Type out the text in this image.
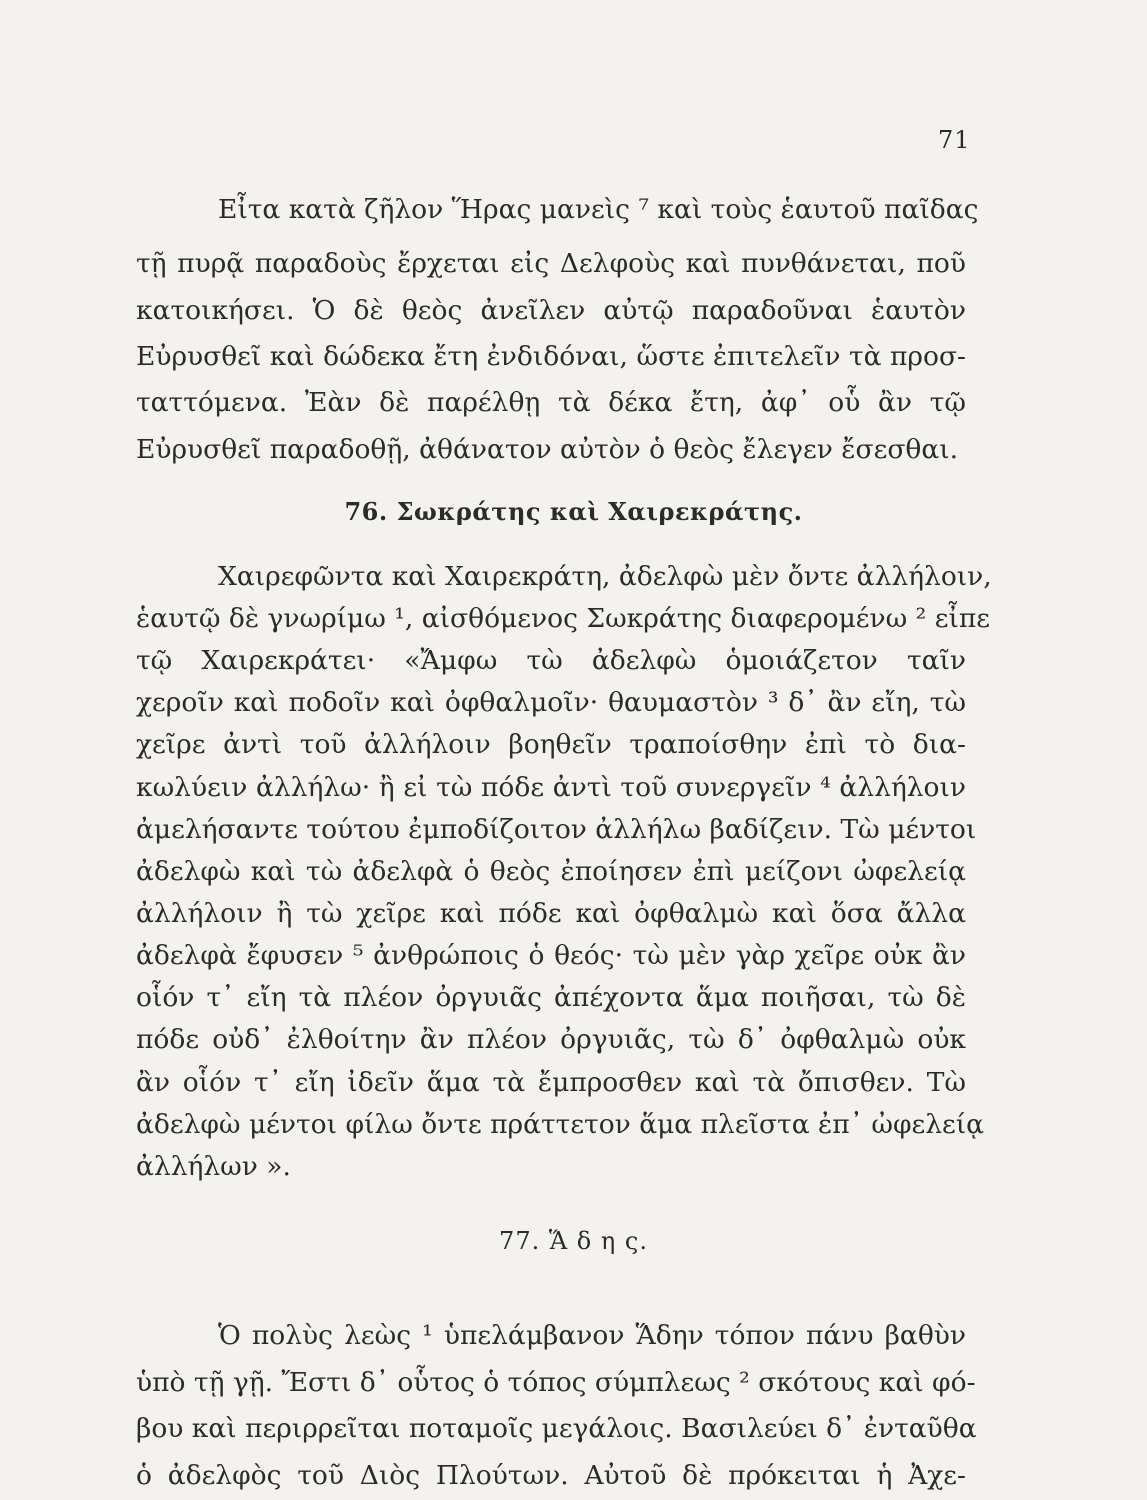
71
Εἶτα κατὰ ζῆλον Ἥρας μανεὶς ⁷ καὶ τοὺς ἑαυτοῦ παῖδας
τῇ πυρᾷ παραδοὺς ἔρχεται εἰς Δελφοὺς καὶ πυνθάνεται, ποῦ
κατοικήσει. Ὁ δὲ θεὸς ἀνεῖλεν αὐτῷ παραδοῦναι ἑαυτὸν
Εὐρυσθεῖ καὶ δώδεκα ἔτη ἐνδιδόναι, ὥστε ἐπιτελεῖν τὰ προσ-
ταττόμενα. Ἐὰν δὲ παρέλθῃ τὰ δέκα ἔτη, ἀφ᾿ οὗ ἂν τῷ
Εὐρυσθεῖ παραδοθῇ, ἀθάνατον αὐτὸν ὁ θεὸς ἔλεγεν ἔσεσθαι.
76. Σωκράτης καὶ Χαιρεκράτης.
Χαιρεφῶντα καὶ Χαιρεκράτη, ἀδελφὼ μὲν ὄντε ἀλλήλοιν,
ἑαυτῷ δὲ γνωρίμω ¹, αἰσθόμενος Σωκράτης διαφερομένω ² εἶπε
τῷ Χαιρεκράτει· «Ἄμφω τὼ ἀδελφὼ ὁμοιάζετον ταῖν
χεροῖν καὶ ποδοῖν καὶ ὀφθαλμοῖν· θαυμαστὸν ³ δ᾿ ἂν εἴη, τὼ
χεῖρε ἀντὶ τοῦ ἀλλήλοιν βοηθεῖν τραποίσθην ἐπὶ τὸ δια-
κωλύειν ἀλλήλω· ἢ εἰ τὼ πόδε ἀντὶ τοῦ συνεργεῖν ⁴ ἀλλήλοιν
ἀμελήσαντε τούτου ἐμποδίζοιτον ἀλλήλω βαδίζειν. Τὼ μέντοι
ἀδελφὼ καὶ τὼ ἀδελφὰ ὁ θεὸς ἐποίησεν ἐπὶ μείζονι ὠφελείᾳ
ἀλλήλοιν ἢ τὼ χεῖρε καὶ πόδε καὶ ὀφθαλμὼ καὶ ὅσα ἄλλα
ἀδελφὰ ἔφυσεν ⁵ ἀνθρώποις ὁ θεός· τὼ μὲν γὰρ χεῖρε οὐκ ἂν
οἷόν τ᾿ εἴη τὰ πλέον ὀργυιᾶς ἀπέχοντα ἅμα ποιῆσαι, τὼ δὲ
πόδε οὐδ᾿ ἐλθοίτην ἂν πλέον ὀργυιᾶς, τὼ δ᾿ ὀφθαλμὼ οὐκ
ἂν οἷόν τ᾿ εἴη ἰδεῖν ἅμα τὰ ἔμπροσθεν καὶ τὰ ὄπισθεν. Τὼ
ἀδελφὼ μέντοι φίλω ὄντε πράττετον ἅμα πλεῖστα ἐπ᾿ ὠφελείᾳ
ἀλλήλων ».
77. Ἅ δ η ς.
Ὁ πολὺς λεὼς ¹ ὑπελάμβανον Ἅδην τόπον πάνυ βαθὺν
ὑπὸ τῇ γῇ. Ἔστι δ᾿ οὗτος ὁ τόπος σύμπλεως ² σκότους καὶ φό-
βου καὶ περιρρεῖται ποταμοῖς μεγάλοις. Βασιλεύει δ᾿ ἐνταῦθα
ὁ ἀδελφὸς τοῦ Διὸς Πλούτων. Αὐτοῦ δὲ πρόκειται ἡ Ἀχε-
